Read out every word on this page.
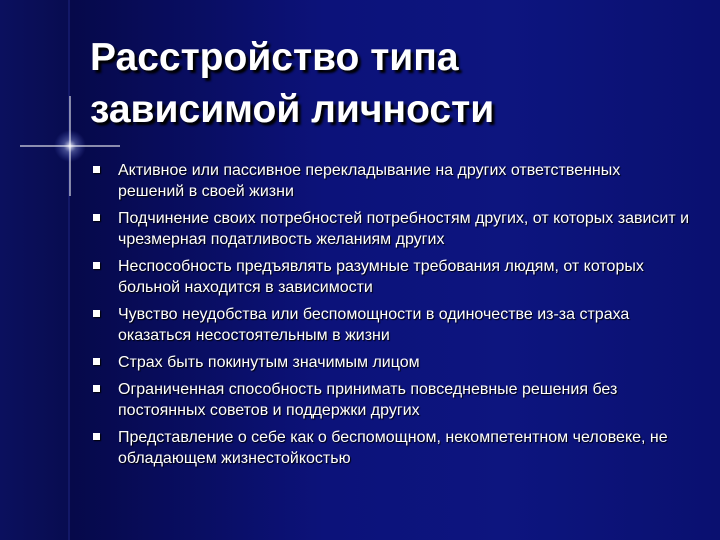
Расстройство типа
зависимой личности
Активное или пассивное перекладывание на других ответственных решений в своей жизни
Подчинение своих потребностей потребностям других, от которых зависит и чрезмерная податливость желаниям других
Неспособность предъявлять разумные требования людям, от которых больной находится в зависимости
Чувство неудобства или беспомощности в одиночестве из-за страха оказаться несостоятельным в жизни
Страх быть покинутым значимым лицом
Ограниченная способность принимать повседневные решения без постоянных советов и поддержки других
Представление о себе как о беспомощном, некомпетентном человеке, не обладающем жизнестойкостью
